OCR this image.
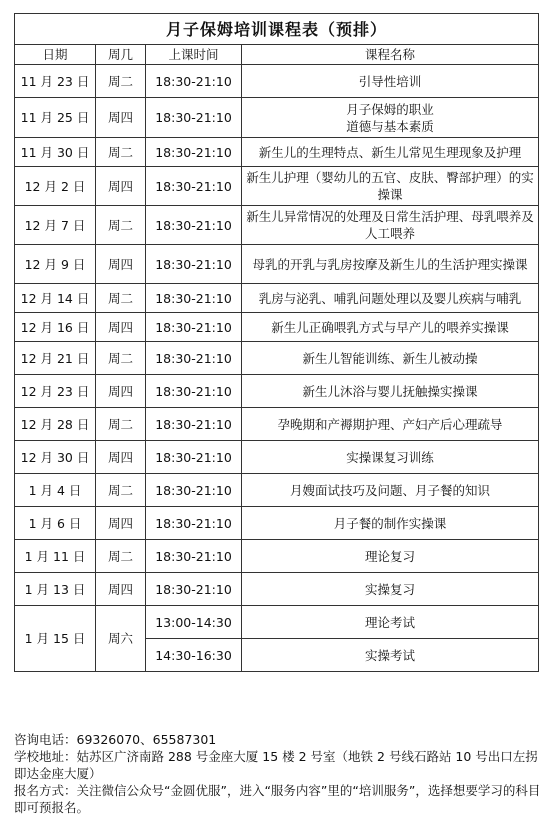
月子保姆培训课程表（预排）			
日期	周几	上课时间	课程名称
11 月 23 日	周二	18:30-21:10	引导性培训
11 月 25 日	周四	18:30-21:10	月子保姆的职业
道德与基本素质
11 月 30 日	周二	18:30-21:10	新生儿的生理特点、新生儿常见生理现象及护理
12 月 2 日	周四	18:30-21:10	新生儿护理（婴幼儿的五官、皮肤、臀部护理）的实操课
12 月 7 日	周二	18:30-21:10	新生儿异常情况的处理及日常生活护理、母乳喂养及人工喂养
12 月 9 日	周四	18:30-21:10	母乳的开乳与乳房按摩及新生儿的生活护理实操课
12 月 14 日	周二	18:30-21:10	乳房与泌乳、哺乳问题处理以及婴儿疾病与哺乳
12 月 16 日	周四	18:30-21:10	新生儿正确喂乳方式与早产儿的喂养实操课
12 月 21 日	周二	18:30-21:10	新生儿智能训练、新生儿被动操
12 月 23 日	周四	18:30-21:10	新生儿沐浴与婴儿抚触操实操课
12 月 28 日	周二	18:30-21:10	孕晚期和产褥期护理、产妇产后心理疏导
12 月 30 日	周四	18:30-21:10	实操课复习训练
1 月 4 日	周二	18:30-21:10	月嫂面试技巧及问题、月子餐的知识
1 月 6 日	周四	18:30-21:10	月子餐的制作实操课
1 月 11 日	周二	18:30-21:10	理论复习
1 月 13 日	周四	18:30-21:10	实操复习
1 月 15 日	周六	13:00-14:30	理论考试
		14:30-16:30	实操考试
咨询电话：69326070、65587301
学校地址：姑苏区广济南路 288 号金座大厦 15 楼 2 号室（地铁 2 号线石路站 10 号出口左拐即达金座大厦）
报名方式：关注微信公众号“金圆优服”，进入“服务内容”里的“培训服务”，选择想要学习的科目即可预报名。
